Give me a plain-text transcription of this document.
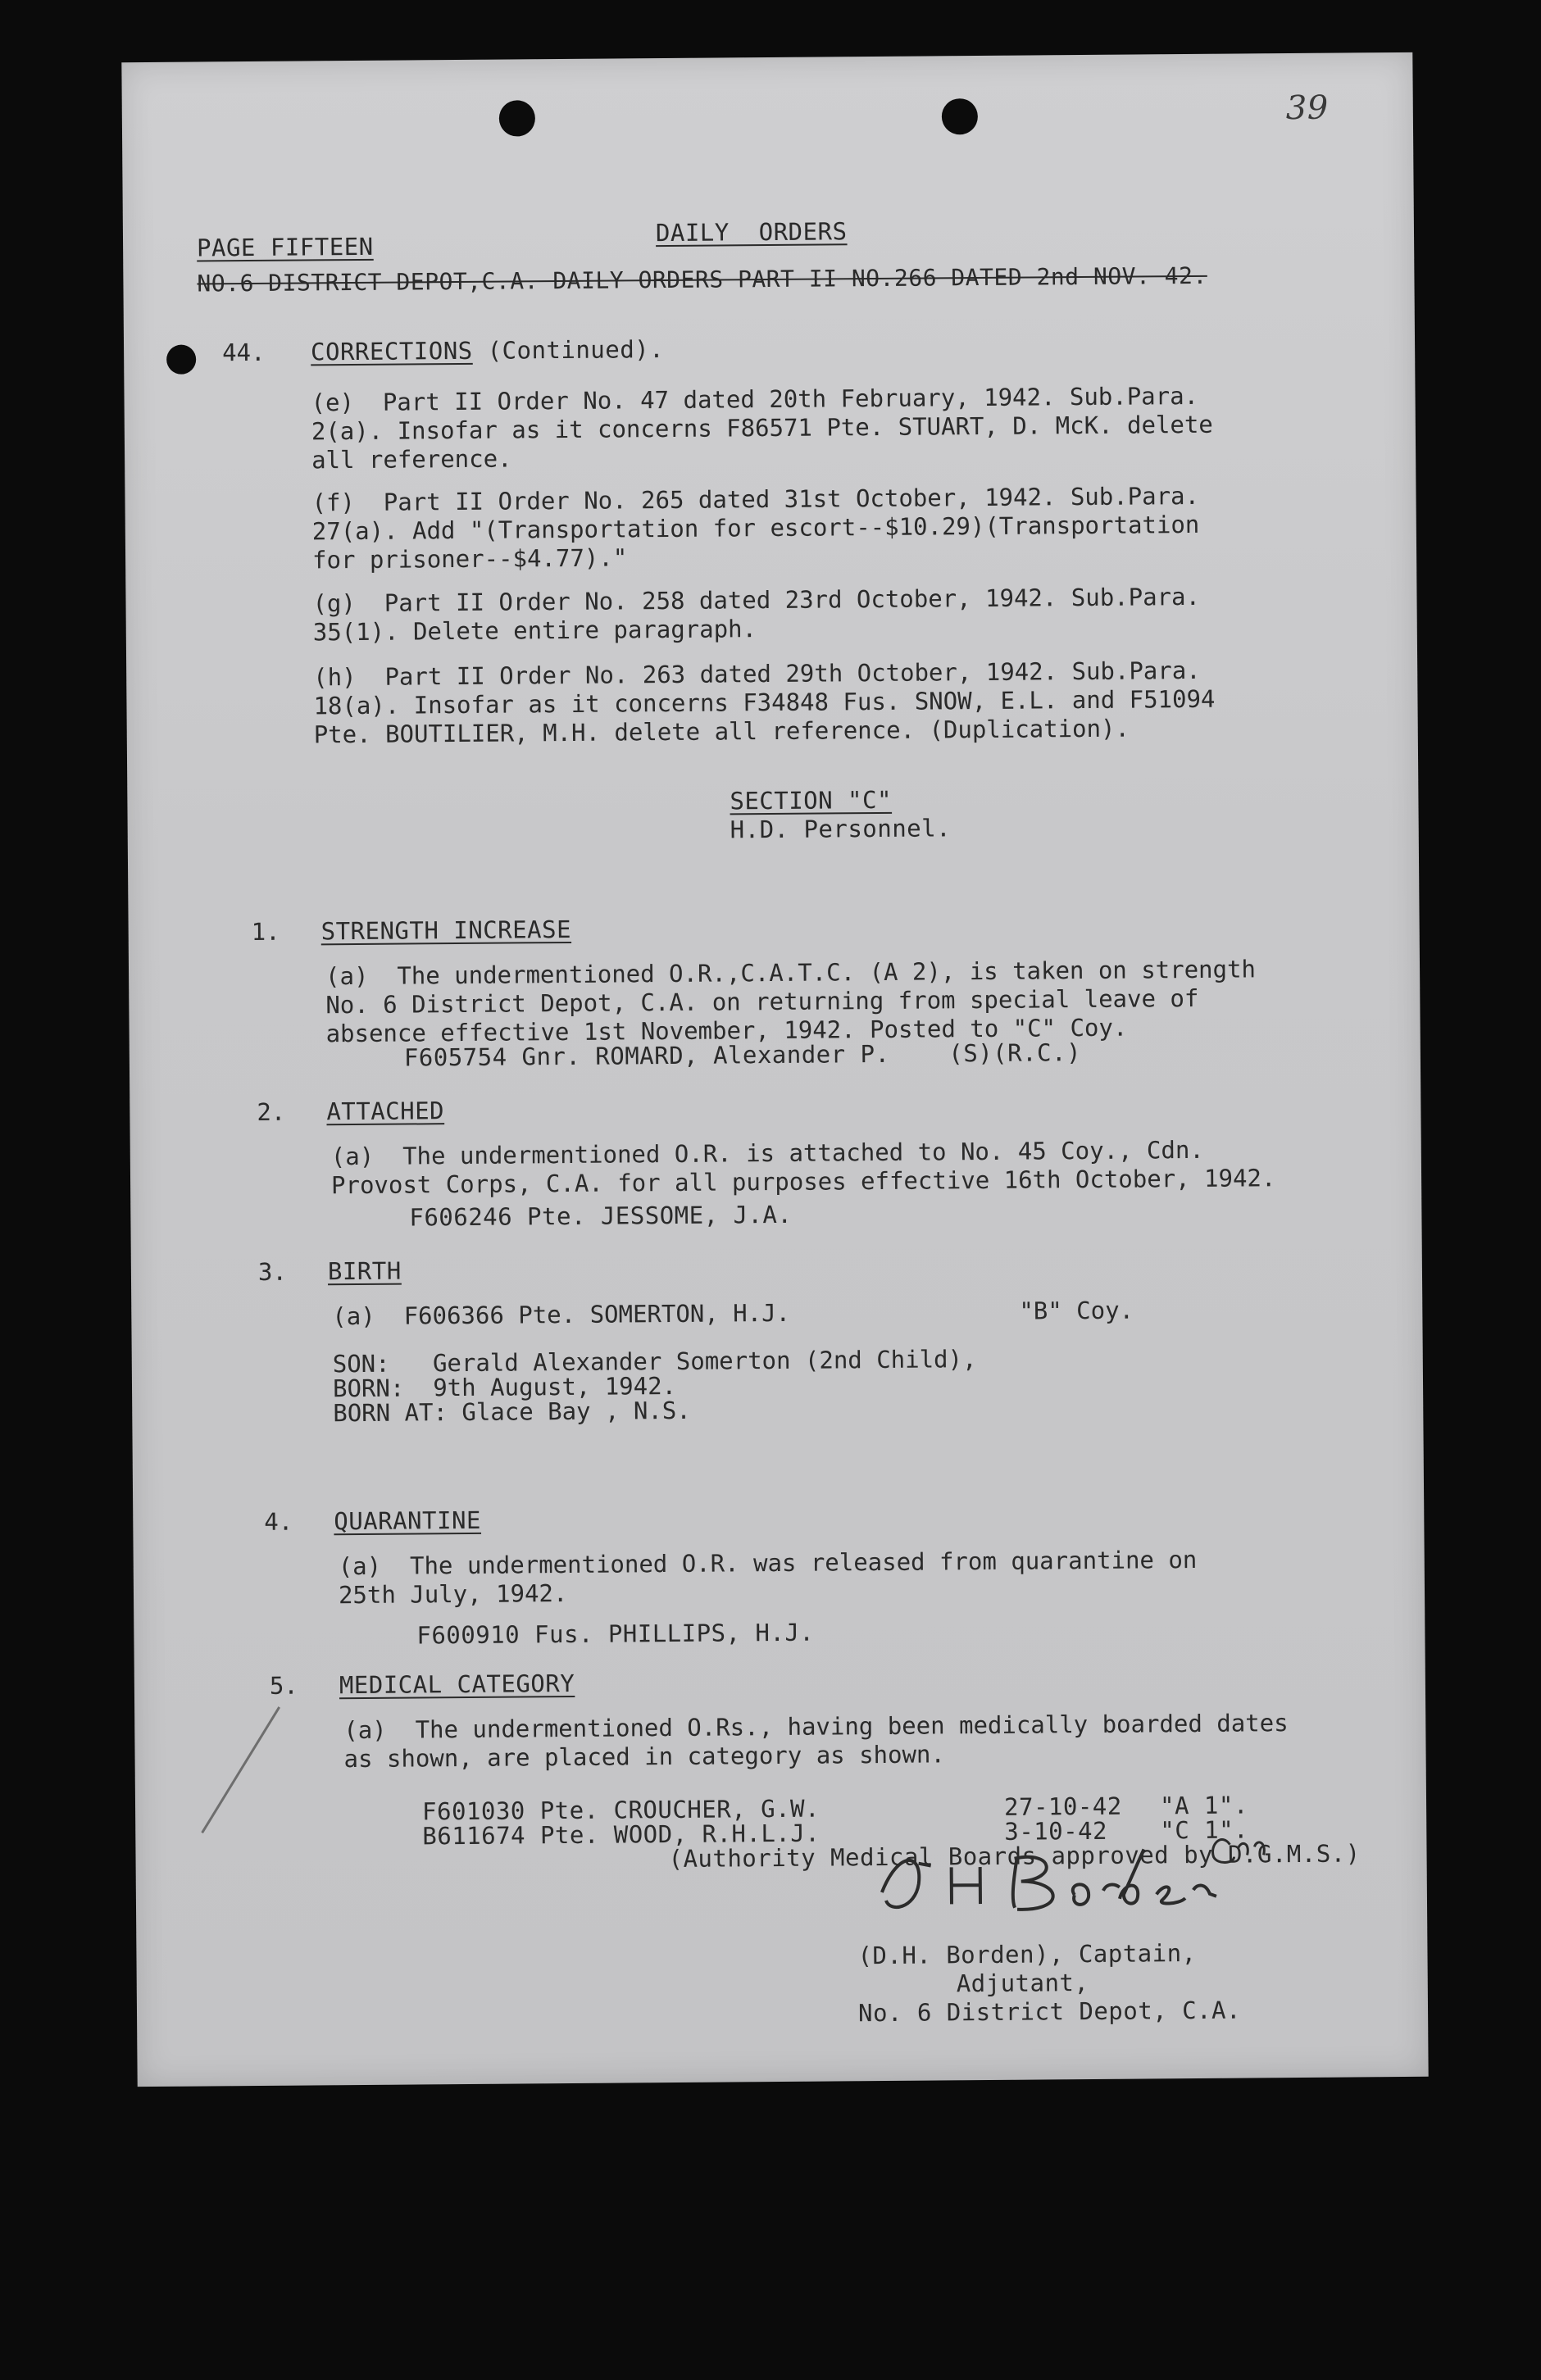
39
PAGE FIFTEEN
DAILY  ORDERS
NO.6 DISTRICT DEPOT,C.A. DAILY ORDERS PART II NO.266 DATED 2nd NOV. 42.
44. CORRECTIONS (Continued).
(e)  Part II Order No. 47 dated 20th February, 1942. Sub.Para.
2(a). Insofar as it concerns F86571 Pte. STUART, D. McK. delete
all reference.
(f)  Part II Order No. 265 dated 31st October, 1942. Sub.Para.
27(a). Add "(Transportation for escort--$10.29)(Transportation
for prisoner--$4.77)."
(g)  Part II Order No. 258 dated 23rd October, 1942. Sub.Para.
35(1). Delete entire paragraph.
(h)  Part II Order No. 263 dated 29th October, 1942. Sub.Para.
18(a). Insofar as it concerns F34848 Fus. SNOW, E.L. and F51094
Pte. BOUTILIER, M.H. delete all reference. (Duplication).
SECTION "C"
H.D. Personnel.
1. STRENGTH INCREASE
(a)  The undermentioned O.R.,C.A.T.C. (A 2), is taken on strength
No. 6 District Depot, C.A. on returning from special leave of
absence effective 1st November, 1942. Posted to "C" Coy.
F605754 Gnr. ROMARD, Alexander P.    (S)(R.C.)
2. ATTACHED
(a)  The undermentioned O.R. is attached to No. 45 Coy., Cdn.
Provost Corps, C.A. for all purposes effective 16th October, 1942.
F606246 Pte. JESSOME, J.A.
3. BIRTH
(a)  F606366 Pte. SOMERTON, H.J.                "B" Coy.
SON:   Gerald Alexander Somerton (2nd Child),
BORN:  9th August, 1942.
BORN AT: Glace Bay , N.S.
4. QUARANTINE
(a)  The undermentioned O.R. was released from quarantine on
25th July, 1942.
F600910 Fus. PHILLIPS, H.J.
5. MEDICAL CATEGORY
(a)  The undermentioned O.Rs., having been medically boarded dates
as shown, are placed in category as shown.
F601030 Pte. CROUCHER, G.W.	27-10-42 "A 1".
B611674 Pte. WOOD, R.H.L.J.	3-10-42 "C 1".
(Authority Medical Boards approved by D.G.M.S.)
(D.H. Borden), Captain,
Adjutant,
No. 6 District Depot, C.A.
